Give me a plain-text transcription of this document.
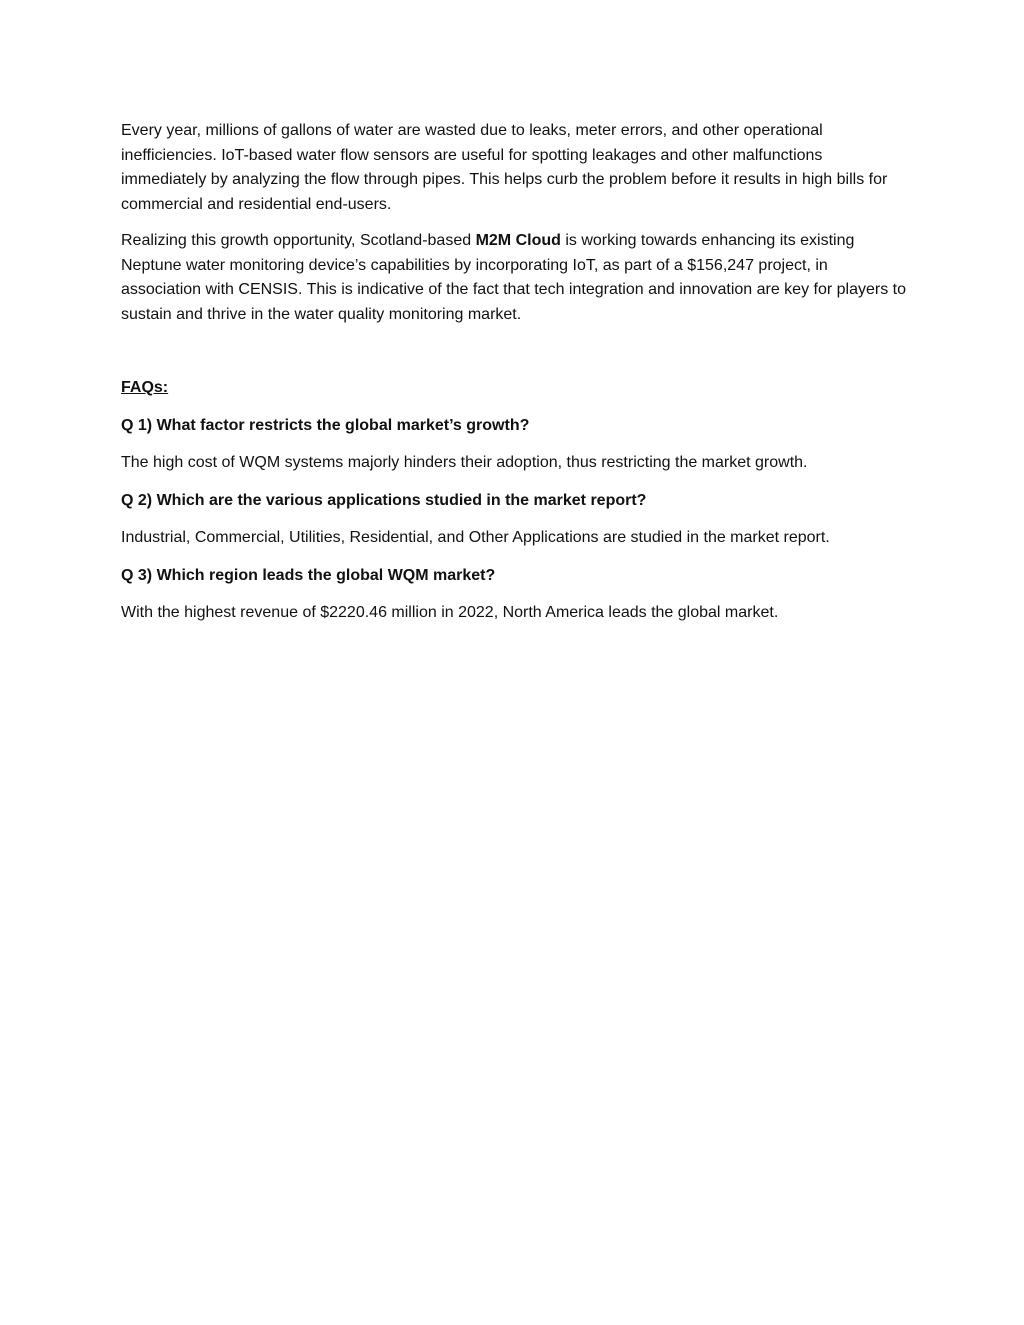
Every year, millions of gallons of water are wasted due to leaks, meter errors, and other operational inefficiencies. IoT-based water flow sensors are useful for spotting leakages and other malfunctions immediately by analyzing the flow through pipes. This helps curb the problem before it results in high bills for commercial and residential end-users.

Realizing this growth opportunity, Scotland-based M2M Cloud is working towards enhancing its existing Neptune water monitoring device’s capabilities by incorporating IoT, as part of a $156,247 project, in association with CENSIS. This is indicative of the fact that tech integration and innovation are key for players to sustain and thrive in the water quality monitoring market.

FAQs:

Q 1) What factor restricts the global market’s growth?

The high cost of WQM systems majorly hinders their adoption, thus restricting the market growth.

Q 2) Which are the various applications studied in the market report?

Industrial, Commercial, Utilities, Residential, and Other Applications are studied in the market report.

Q 3) Which region leads the global WQM market?

With the highest revenue of $2220.46 million in 2022, North America leads the global market.
